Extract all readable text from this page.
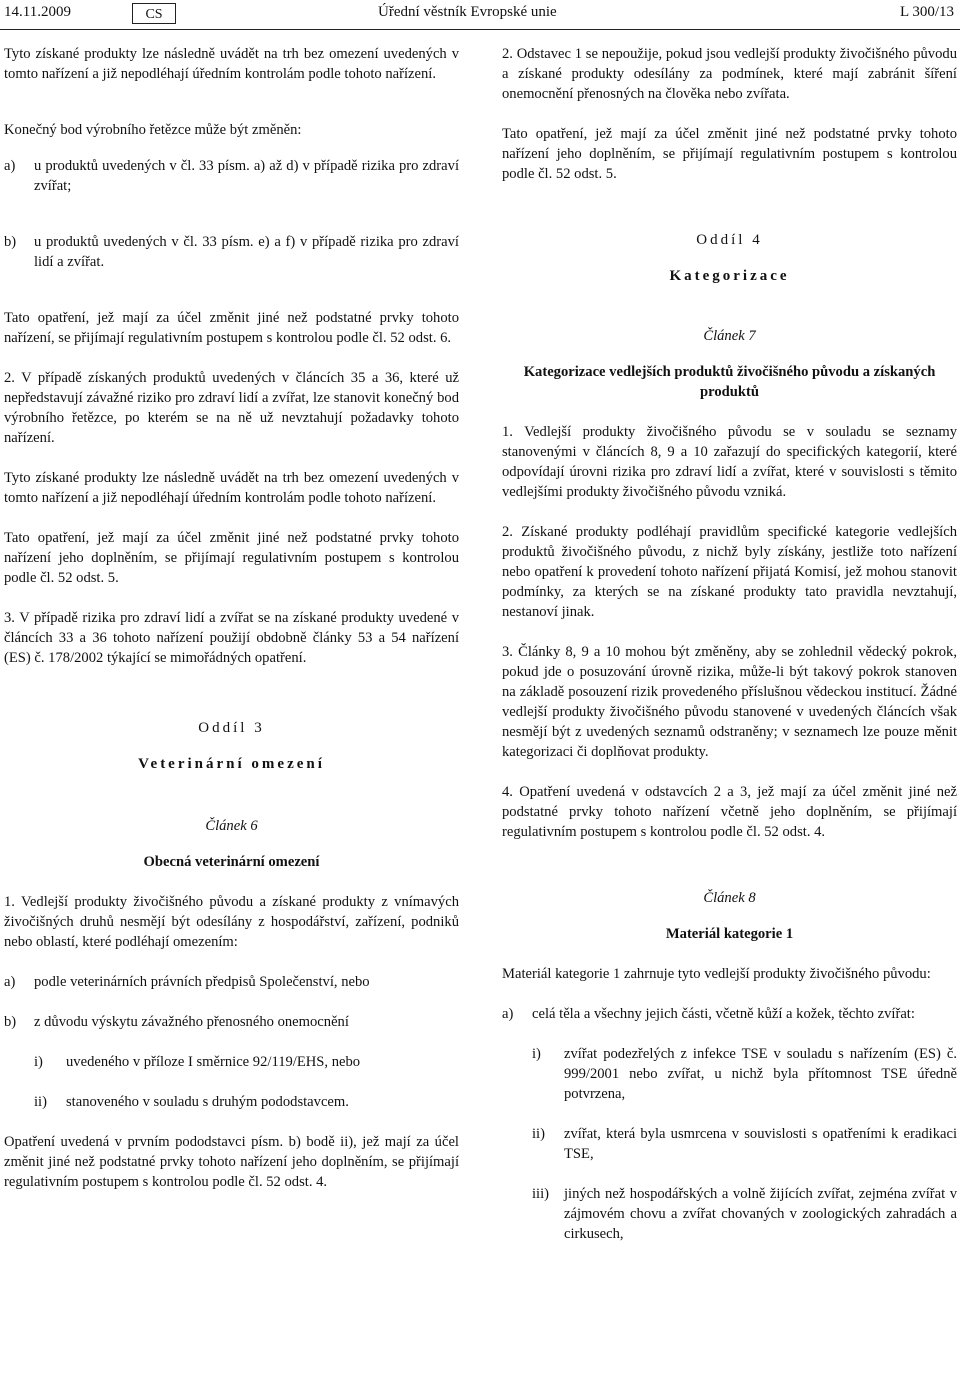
14.11.2009	CS	Úřední věstník Evropské unie	L 300/13

Tyto získané produkty lze následně uvádět na trh bez omezení uvedených v tomto nařízení a již nepodléhají úředním kontrolám podle tohoto nařízení.

Konečný bod výrobního řetězce může být změněn:

a)	u produktů uvedených v čl. 33 písm. a) až d) v případě rizika pro zdraví zvířat;
b)	u produktů uvedených v čl. 33 písm. e) a f) v případě rizika pro zdraví lidí a zvířat.

Tato opatření, jež mají za účel změnit jiné než podstatné prvky tohoto nařízení, se přijímají regulativním postupem s kontrolou podle čl. 52 odst. 6.

2. V případě získaných produktů uvedených v článcích 35 a 36, které už nepředstavují závažné riziko pro zdraví lidí a zvířat, lze stanovit konečný bod výrobního řetězce, po kterém se na ně už nevztahují požadavky tohoto nařízení.

Tyto získané produkty lze následně uvádět na trh bez omezení uvedených v tomto nařízení a již nepodléhají úředním kontrolám podle tohoto nařízení.

Tato opatření, jež mají za účel změnit jiné než podstatné prvky tohoto nařízení jeho doplněním, se přijímají regulativním postupem s kontrolou podle čl. 52 odst. 5.

3. V případě rizika pro zdraví lidí a zvířat se na získané produkty uvedené v článcích 33 a 36 tohoto nařízení použijí obdobně články 53 a 54 nařízení (ES) č. 178/2002 týkající se mimořádných opatření.

Oddíl 3
Veterinární omezení
Článek 6
Obecná veterinární omezení

1. Vedlejší produkty živočišného původu a získané produkty z vnímavých živočišných druhů nesmějí být odesílány z hospodářství, zařízení, podniků nebo oblastí, které podléhají omezením:

a)	podle veterinárních právních předpisů Společenství, nebo
b)	z důvodu výskytu závažného přenosného onemocnění
i)	uvedeného v příloze I směrnice 92/119/EHS, nebo
ii)	stanoveného v souladu s druhým pododstavcem.

Opatření uvedená v prvním pododstavci písm. b) bodě ii), jež mají za účel změnit jiné než podstatné prvky tohoto nařízení jeho doplněním, se přijímají regulativním postupem s kontrolou podle čl. 52 odst. 4.

2. Odstavec 1 se nepoužije, pokud jsou vedlejší produkty živočišného původu a získané produkty odesílány za podmínek, které mají zabránit šíření onemocnění přenosných na člověka nebo zvířata.

Tato opatření, jež mají za účel změnit jiné než podstatné prvky tohoto nařízení jeho doplněním, se přijímají regulativním postupem s kontrolou podle čl. 52 odst. 5.

Oddíl 4
Kategorizace
Článek 7
Kategorizace vedlejších produktů živočišného původu a získaných produktů

1. Vedlejší produkty živočišného původu se v souladu se seznamy stanovenými v článcích 8, 9 a 10 zařazují do specifických kategorií, které odpovídají úrovni rizika pro zdraví lidí a zvířat, které v souvislosti s těmito vedlejšími produkty živočišného původu vzniká.

2. Získané produkty podléhají pravidlům specifické kategorie vedlejších produktů živočišného původu, z nichž byly získány, jestliže toto nařízení nebo opatření k provedení tohoto nařízení přijatá Komisí, jež mohou stanovit podmínky, za kterých se na získané produkty tato pravidla nevztahují, nestanoví jinak.

3. Články 8, 9 a 10 mohou být změněny, aby se zohlednil vědecký pokrok, pokud jde o posuzování úrovně rizika, může-li být takový pokrok stanoven na základě posouzení rizik provedeného příslušnou vědeckou institucí. Žádné vedlejší produkty živočišného původu stanovené v uvedených článcích však nesmějí být z uvedených seznamů odstraněny; v seznamech lze pouze měnit kategorizaci či doplňovat produkty.

4. Opatření uvedená v odstavcích 2 a 3, jež mají za účel změnit jiné než podstatné prvky tohoto nařízení včetně jeho doplněním, se přijímají regulativním postupem s kontrolou podle čl. 52 odst. 4.

Článek 8
Materiál kategorie 1

Materiál kategorie 1 zahrnuje tyto vedlejší produkty živočišného původu:

a)	celá těla a všechny jejich části, včetně kůží a kožek, těchto zvířat:
i)	zvířat podezřelých z infekce TSE v souladu s nařízením (ES) č. 999/2001 nebo zvířat, u nichž byla přítomnost TSE úředně potvrzena,
ii)	zvířat, která byla usmrcena v souvislosti s opatřeními k eradikaci TSE,
iii)	jiných než hospodářských a volně žijících zvířat, zejména zvířat v zájmovém chovu a zvířat chovaných v zoologických zahradách a cirkusech,
